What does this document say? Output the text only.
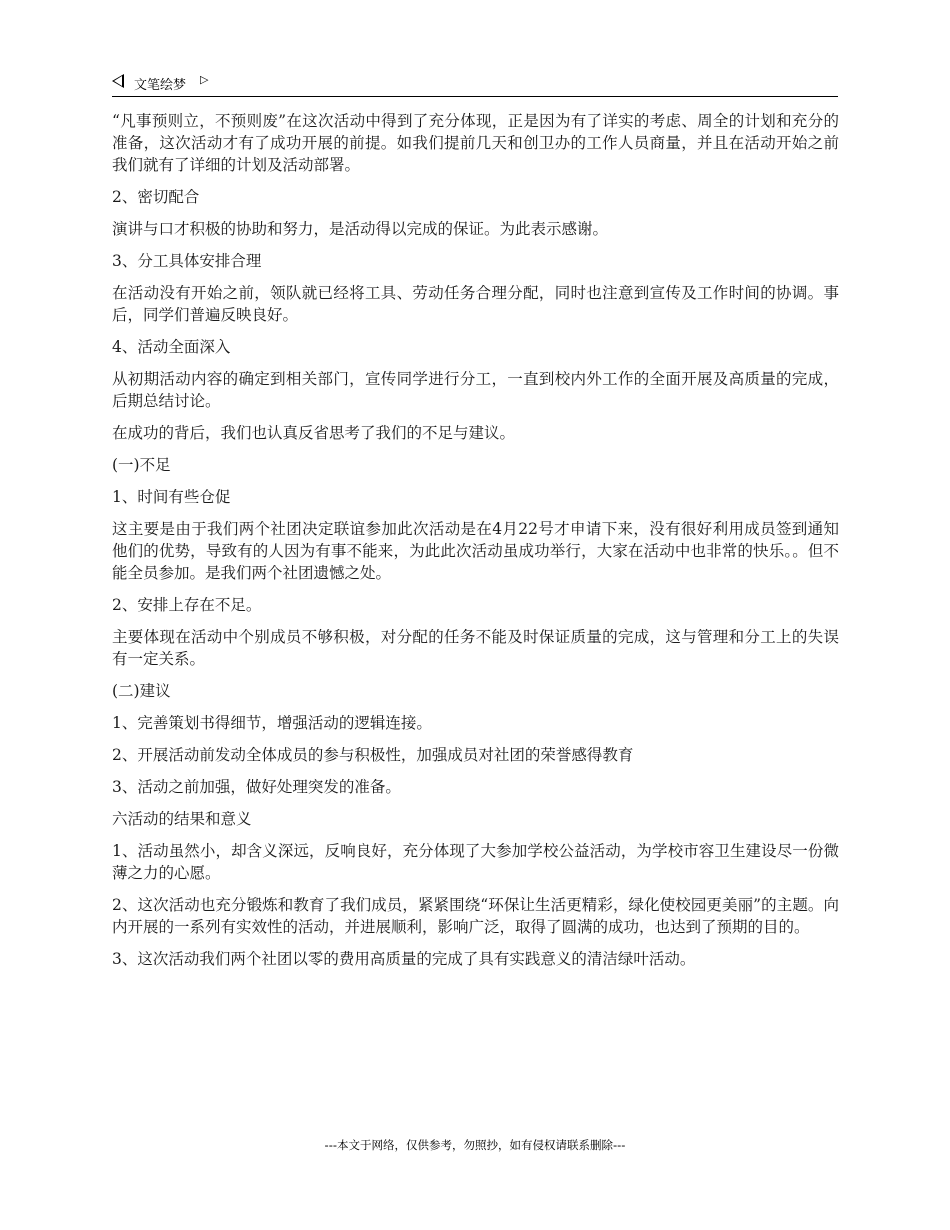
文笔绘梦 ▷

“凡事预则立，不预则废”在这次活动中得到了充分体现，正是因为有了详实的考虑、周全的计划和充分的准备，这次活动才有了成功开展的前提。如我们提前几天和创卫办的工作人员商量，并且在活动开始之前我们就有了详细的计划及活动部署。

2、密切配合

演讲与口才积极的协助和努力，是活动得以完成的保证。为此表示感谢。

3、分工具体安排合理

在活动没有开始之前，领队就已经将工具、劳动任务合理分配，同时也注意到宣传及工作时间的协调。事后，同学们普遍反映良好。

4、活动全面深入

从初期活动内容的确定到相关部门，宣传同学进行分工，一直到校内外工作的全面开展及高质量的完成，后期总结讨论。

在成功的背后，我们也认真反省思考了我们的不足与建议。

(一)不足

1、时间有些仓促

这主要是由于我们两个社团决定联谊参加此次活动是在4月22号才申请下来，没有很好利用成员签到通知他们的优势，导致有的人因为有事不能来，为此此次活动虽成功举行，大家在活动中也非常的快乐。。但不能全员参加。是我们两个社团遗憾之处。

2、安排上存在不足。

主要体现在活动中个别成员不够积极，对分配的任务不能及时保证质量的完成，这与管理和分工上的失误有一定关系。

(二)建议

1、完善策划书得细节，增强活动的逻辑连接。

2、开展活动前发动全体成员的参与积极性，加强成员对社团的荣誉感得教育

3、活动之前加强，做好处理突发的准备。

六活动的结果和意义

1、活动虽然小，却含义深远，反响良好，充分体现了大参加学校公益活动，为学校市容卫生建设尽一份微薄之力的心愿。

2、这次活动也充分锻炼和教育了我们成员，紧紧围绕“环保让生活更精彩，绿化使校园更美丽”的主题。向内开展的一系列有实效性的活动，并进展顺利，影响广泛，取得了圆满的成功，也达到了预期的目的。

3、这次活动我们两个社团以零的费用高质量的完成了具有实践意义的清洁绿叶活动。

---本文于网络，仅供参考，勿照抄，如有侵权请联系删除---
